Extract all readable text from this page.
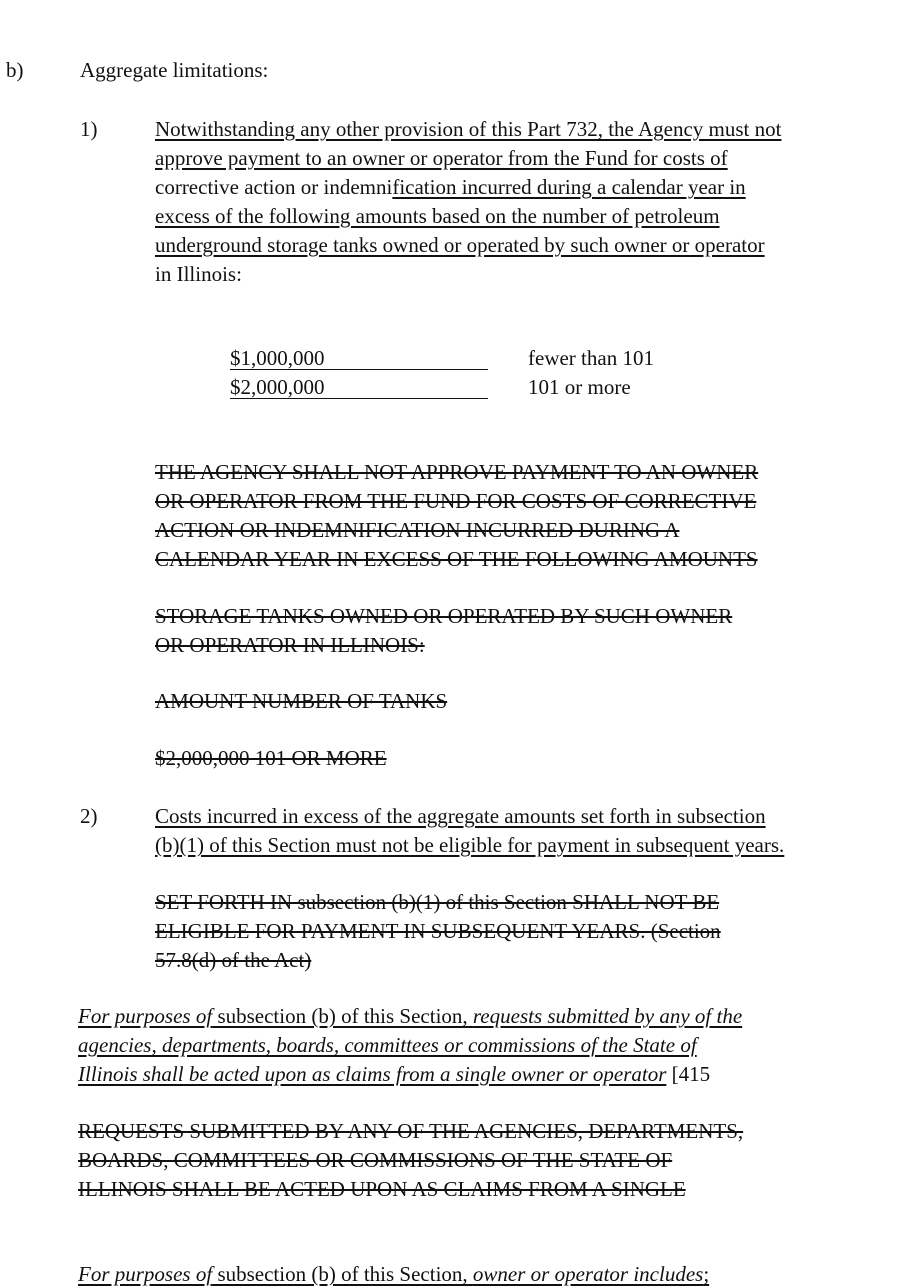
b)	Aggregate limitations:
1)	Notwithstanding any other provision of this Part 732, the Agency must not
approve payment to an owner or operator from the Fund for costs of
corrective action or indemnification incurred during a calendar year in
excess of the following amounts based on the number of petroleum
underground storage tanks owned or operated by such owner or operator
in Illinois:
$1,000,000	fewer than 101
$2,000,000	101 or more
THE AGENCY SHALL NOT APPROVE PAYMENT TO AN OWNER
OR OPERATOR FROM THE FUND FOR COSTS OF CORRECTIVE
ACTION OR INDEMNIFICATION INCURRED DURING A
CALENDAR YEAR IN EXCESS OF THE FOLLOWING AMOUNTS
STORAGE TANKS OWNED OR OPERATED BY SUCH OWNER
OR OPERATOR IN ILLINOIS:
AMOUNT NUMBER OF TANKS
$2,000,000 101 OR MORE
2)	Costs incurred in excess of the aggregate amounts set forth in subsection
(b)(1) of this Section must not be eligible for payment in subsequent years.
SET FORTH IN subsection (b)(1) of this Section SHALL NOT BE
ELIGIBLE FOR PAYMENT IN SUBSEQUENT YEARS. (Section
57.8(d) of the Act)
For purposes of subsection (b) of this Section, requests submitted by any of the
agencies, departments, boards, committees or commissions of the State of
Illinois shall be acted upon as claims from a single owner or operator [415
REQUESTS SUBMITTED BY ANY OF THE AGENCIES, DEPARTMENTS,
BOARDS, COMMITTEES OR COMMISSIONS OF THE STATE OF
ILLINOIS SHALL BE ACTED UPON AS CLAIMS FROM A SINGLE
For purposes of subsection (b) of this Section, owner or operator includes;
